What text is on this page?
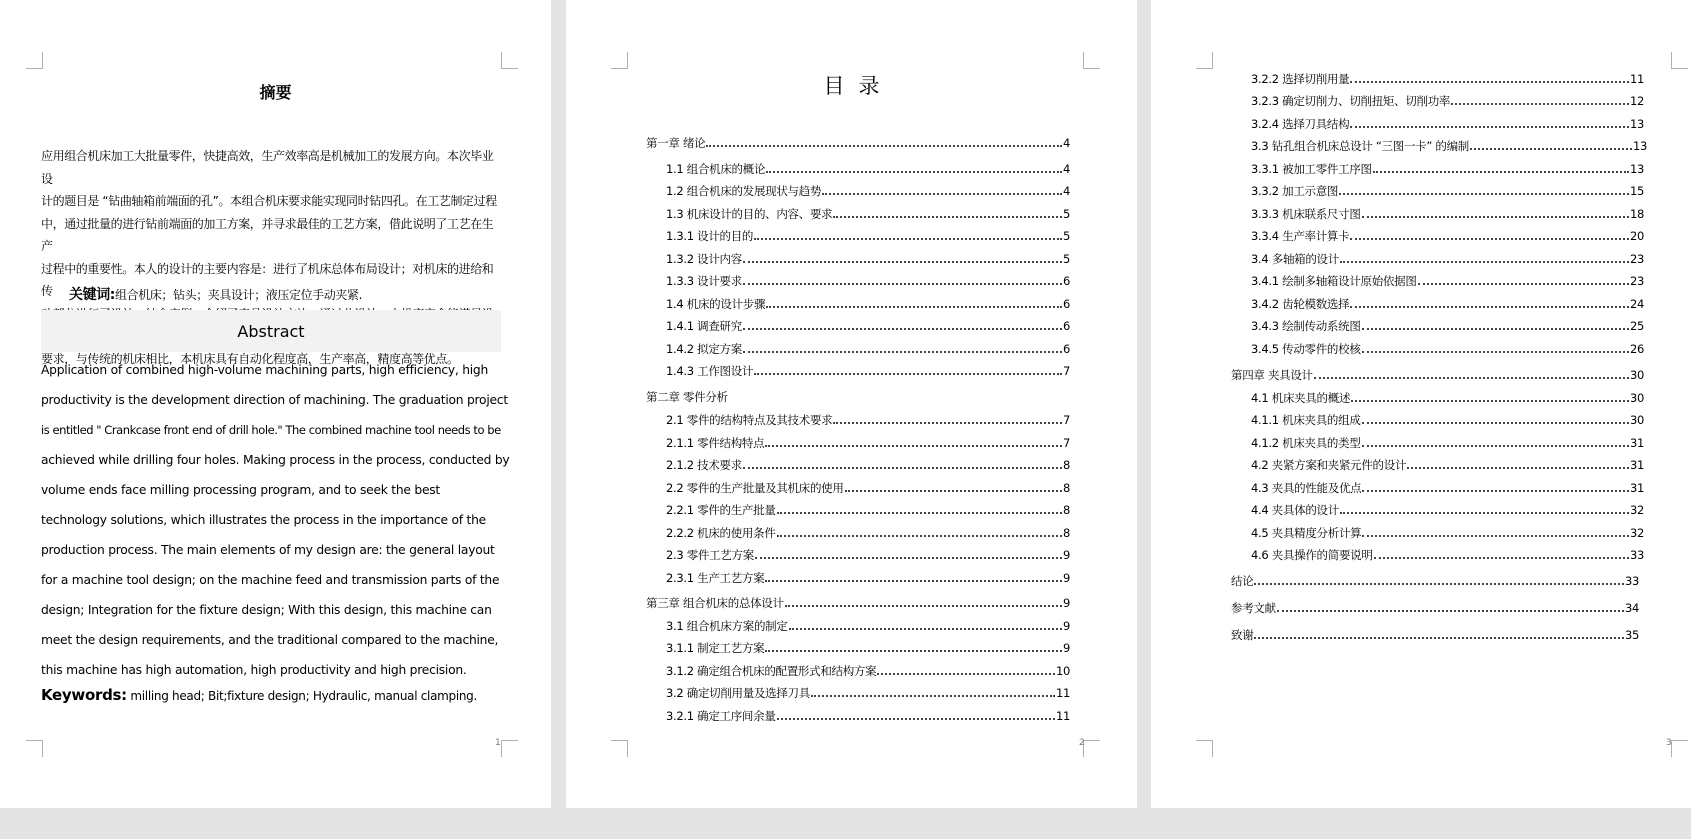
摘要
应用组合机床加工大批量零件，快捷高效，生产效率高是机械加工的发展方向。本次毕业设
计的题目是 “钻曲轴箱前端面的孔”。本组合机床要求能实现同时钻四孔。在工艺制定过程
中，通过批量的进行钻前端面的加工方案，并寻求最佳的工艺方案，借此说明了工艺在生产
过程中的重要性。本人的设计的主要内容是：进行了机床总体布局设计；对机床的进给和传
要求，与传统的机床相比，本机床具有自动化程度高，生产率高，精度高等优点。
关键词:组合机床；钻头；夹具设计；液压定位手动夹紧.
Abstract
Application of combined high-volume machining parts, high efficiency, high
productivity is the development direction of machining. The graduation project
is entitled " Crankcase front end of drill hole." The combined machine tool needs to be
achieved while drilling four holes. Making process in the process, conducted by
volume ends face milling processing program, and to seek the best
technology solutions, which illustrates the process in the importance of the
production process. The main elements of my design are: the general layout
for a machine tool design; on the machine feed and transmission parts of the
design; Integration for the fixture design; With this design, this machine can
meet the design requirements, and the traditional compared to the machine,
this machine has high automation, high productivity and high precision.
Keywords: milling head; Bit;fixture design; Hydraulic, manual clamping.
1
目录
第一章 绪论	4
1.1 组合机床的概论	4
1.2 组合机床的发展现状与趋势	4
1.3 机床设计的目的、内容、要求	5
1.3.1 设计的目的	5
1.3.2 设计内容	5
1.3.3 设计要求	6
1.4 机床的设计步骤	6
1.4.1 调查研究	6
1.4.2 拟定方案	6
1.4.3 工作图设计	7
第二章 零件分析
2.1 零件的结构特点及其技术要求	7
2.1.1 零件结构特点	7
2.1.2 技术要求	8
2.2 零件的生产批量及其机床的使用	8
2.2.1 零件的生产批量	8
2.2.2 机床的使用条件	8
2.3 零件工艺方案	9
2.3.1 生产工艺方案	9
第三章 组合机床的总体设计	9
3.1 组合机床方案的制定	9
3.1.1 制定工艺方案	9
3.1.2 确定组合机床的配置形式和结构方案	10
3.2 确定切削用量及选择刀具	11
3.2.1 确定工序间余量	11
2
3.2.2 选择切削用量	11
3.2.3 确定切削力、切削扭矩、切削功率	12
3.2.4 选择刀具结构	13
3.3 钻孔组合机床总设计 “三图一卡” 的编制	13
3.3.1 被加工零件工序图	13
3.3.2 加工示意图	15
3.3.3 机床联系尺寸图	18
3.3.4 生产率计算卡	20
3.4 多轴箱的设计	23
3.4.1 绘制多轴箱设计原始依据图	23
3.4.2 齿轮模数选择	24
3.4.3 绘制传动系统图	25
3.4.5 传动零件的校核	26
第四章 夹具设计	30
4.1 机床夹具的概述	30
4.1.1 机床夹具的组成	30
4.1.2 机床夹具的类型	31
4.2 夹紧方案和夹紧元件的设计	31
4.3 夹具的性能及优点	31
4.4 夹具体的设计	32
4.5 夹具精度分析计算	32
4.6 夹具操作的简要说明	33
结论	33
参考文献	34
致谢	35
3
